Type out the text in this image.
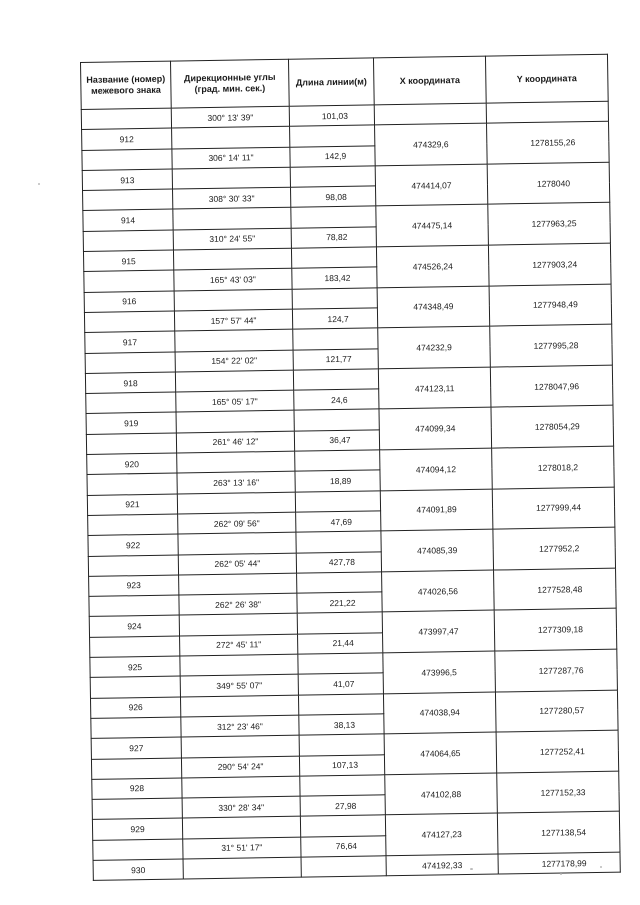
Название (номер) межевого знака	Дирекционные углы (град. мин. сек.)	Длина линии(м)	X координата	Y координата
	300° 13' 39"	101,03		
912			474329,6	1278155,26
	306° 14' 11"	142,9		
913			474414,07	1278040
	308° 30' 33"	98,08		
914			474475,14	1277963,25
	310° 24' 55"	78,82		
915			474526,24	1277903,24
	165° 43' 03"	183,42		
916			474348,49	1277948,49
	157° 57' 44"	124,7		
917			474232,9	1277995,28
	154° 22' 02"	121,77		
918			474123,11	1278047,96
	165° 05' 17"	24,6		
919			474099,34	1278054,29
	261° 46' 12"	36,47		
920			474094,12	1278018,2
	263° 13' 16"	18,89		
921			474091,89	1277999,44
	262° 09' 56"	47,69		
922			474085,39	1277952,2
	262° 05' 44"	427,78		
923			474026,56	1277528,48
	262° 26' 38"	221,22		
924			473997,47	1277309,18
	272° 45' 11"	21,44		
925			473996,5	1277287,76
	349° 55' 07"	41,07		
926			474038,94	1277280,57
	312° 23' 46"	38,13		
927			474064,65	1277252,41
	290° 54' 24"	107,13		
928			474102,88	1277152,33
	330° 28' 34"	27,98		
929			474127,23	1277138,54
	31° 51' 17"	76,64		
930			474192,33	1277178,99
